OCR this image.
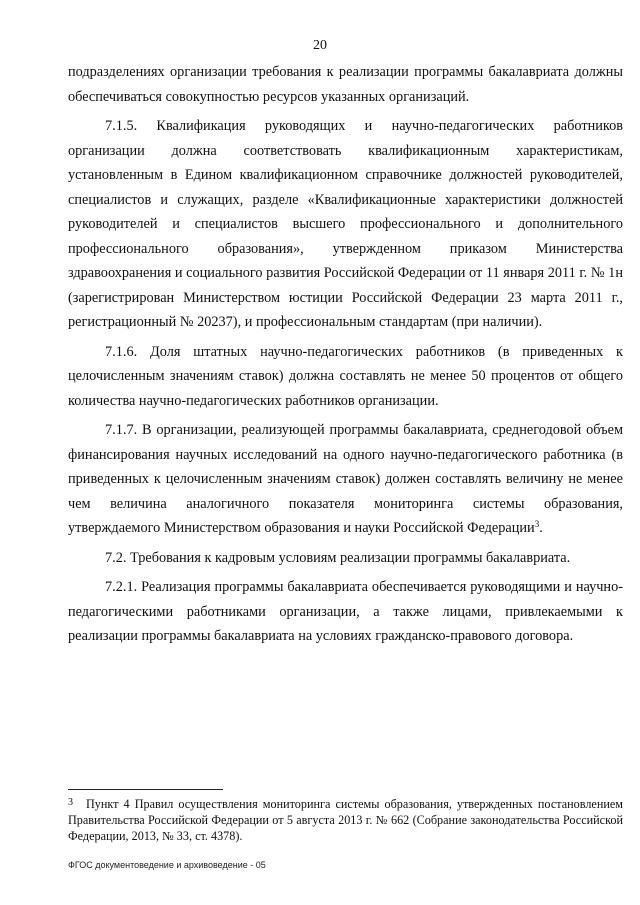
20

подразделениях организации требования к реализации программы бакалавриата должны обеспечиваться совокупностью ресурсов указанных организаций.

7.1.5. Квалификация руководящих и научно-педагогических работников организации должна соответствовать квалификационным характеристикам, установленным в Едином квалификационном справочнике должностей руководителей, специалистов и служащих, разделе «Квалификационные характеристики должностей руководителей и специалистов высшего профессионального и дополнительного профессионального образования», утвержденном приказом Министерства здравоохранения и социального развития Российской Федерации от 11 января 2011 г. № 1н (зарегистрирован Министерством юстиции Российской Федерации 23 марта 2011 г., регистрационный № 20237), и профессиональным стандартам (при наличии).

7.1.6. Доля штатных научно-педагогических работников (в приведенных к целочисленным значениям ставок) должна составлять не менее 50 процентов от общего количества научно-педагогических работников организации.

7.1.7. В организации, реализующей программы бакалавриата, среднегодовой объем финансирования научных исследований на одного научно-педагогического работника (в приведенных к целочисленным значениям ставок) должен составлять величину не менее чем величина аналогичного показателя мониторинга системы образования, утверждаемого Министерством образования и науки Российской Федерации$^3$.

7.2. Требования к кадровым условиям реализации программы бакалавриата.

7.2.1. Реализация программы бакалавриата обеспечивается руководящими и научно-педагогическими работниками организации, а также лицами, привлекаемыми к реализации программы бакалавриата на условиях гражданско-правового договора.

3 Пункт 4 Правил осуществления мониторинга системы образования, утвержденных постановлением Правительства Российской Федерации от 5 августа 2013 г. № 662 (Собрание законодательства Российской Федерации, 2013, № 33, ст. 4378).
ФГОС документоведение и архивоведение - 05
